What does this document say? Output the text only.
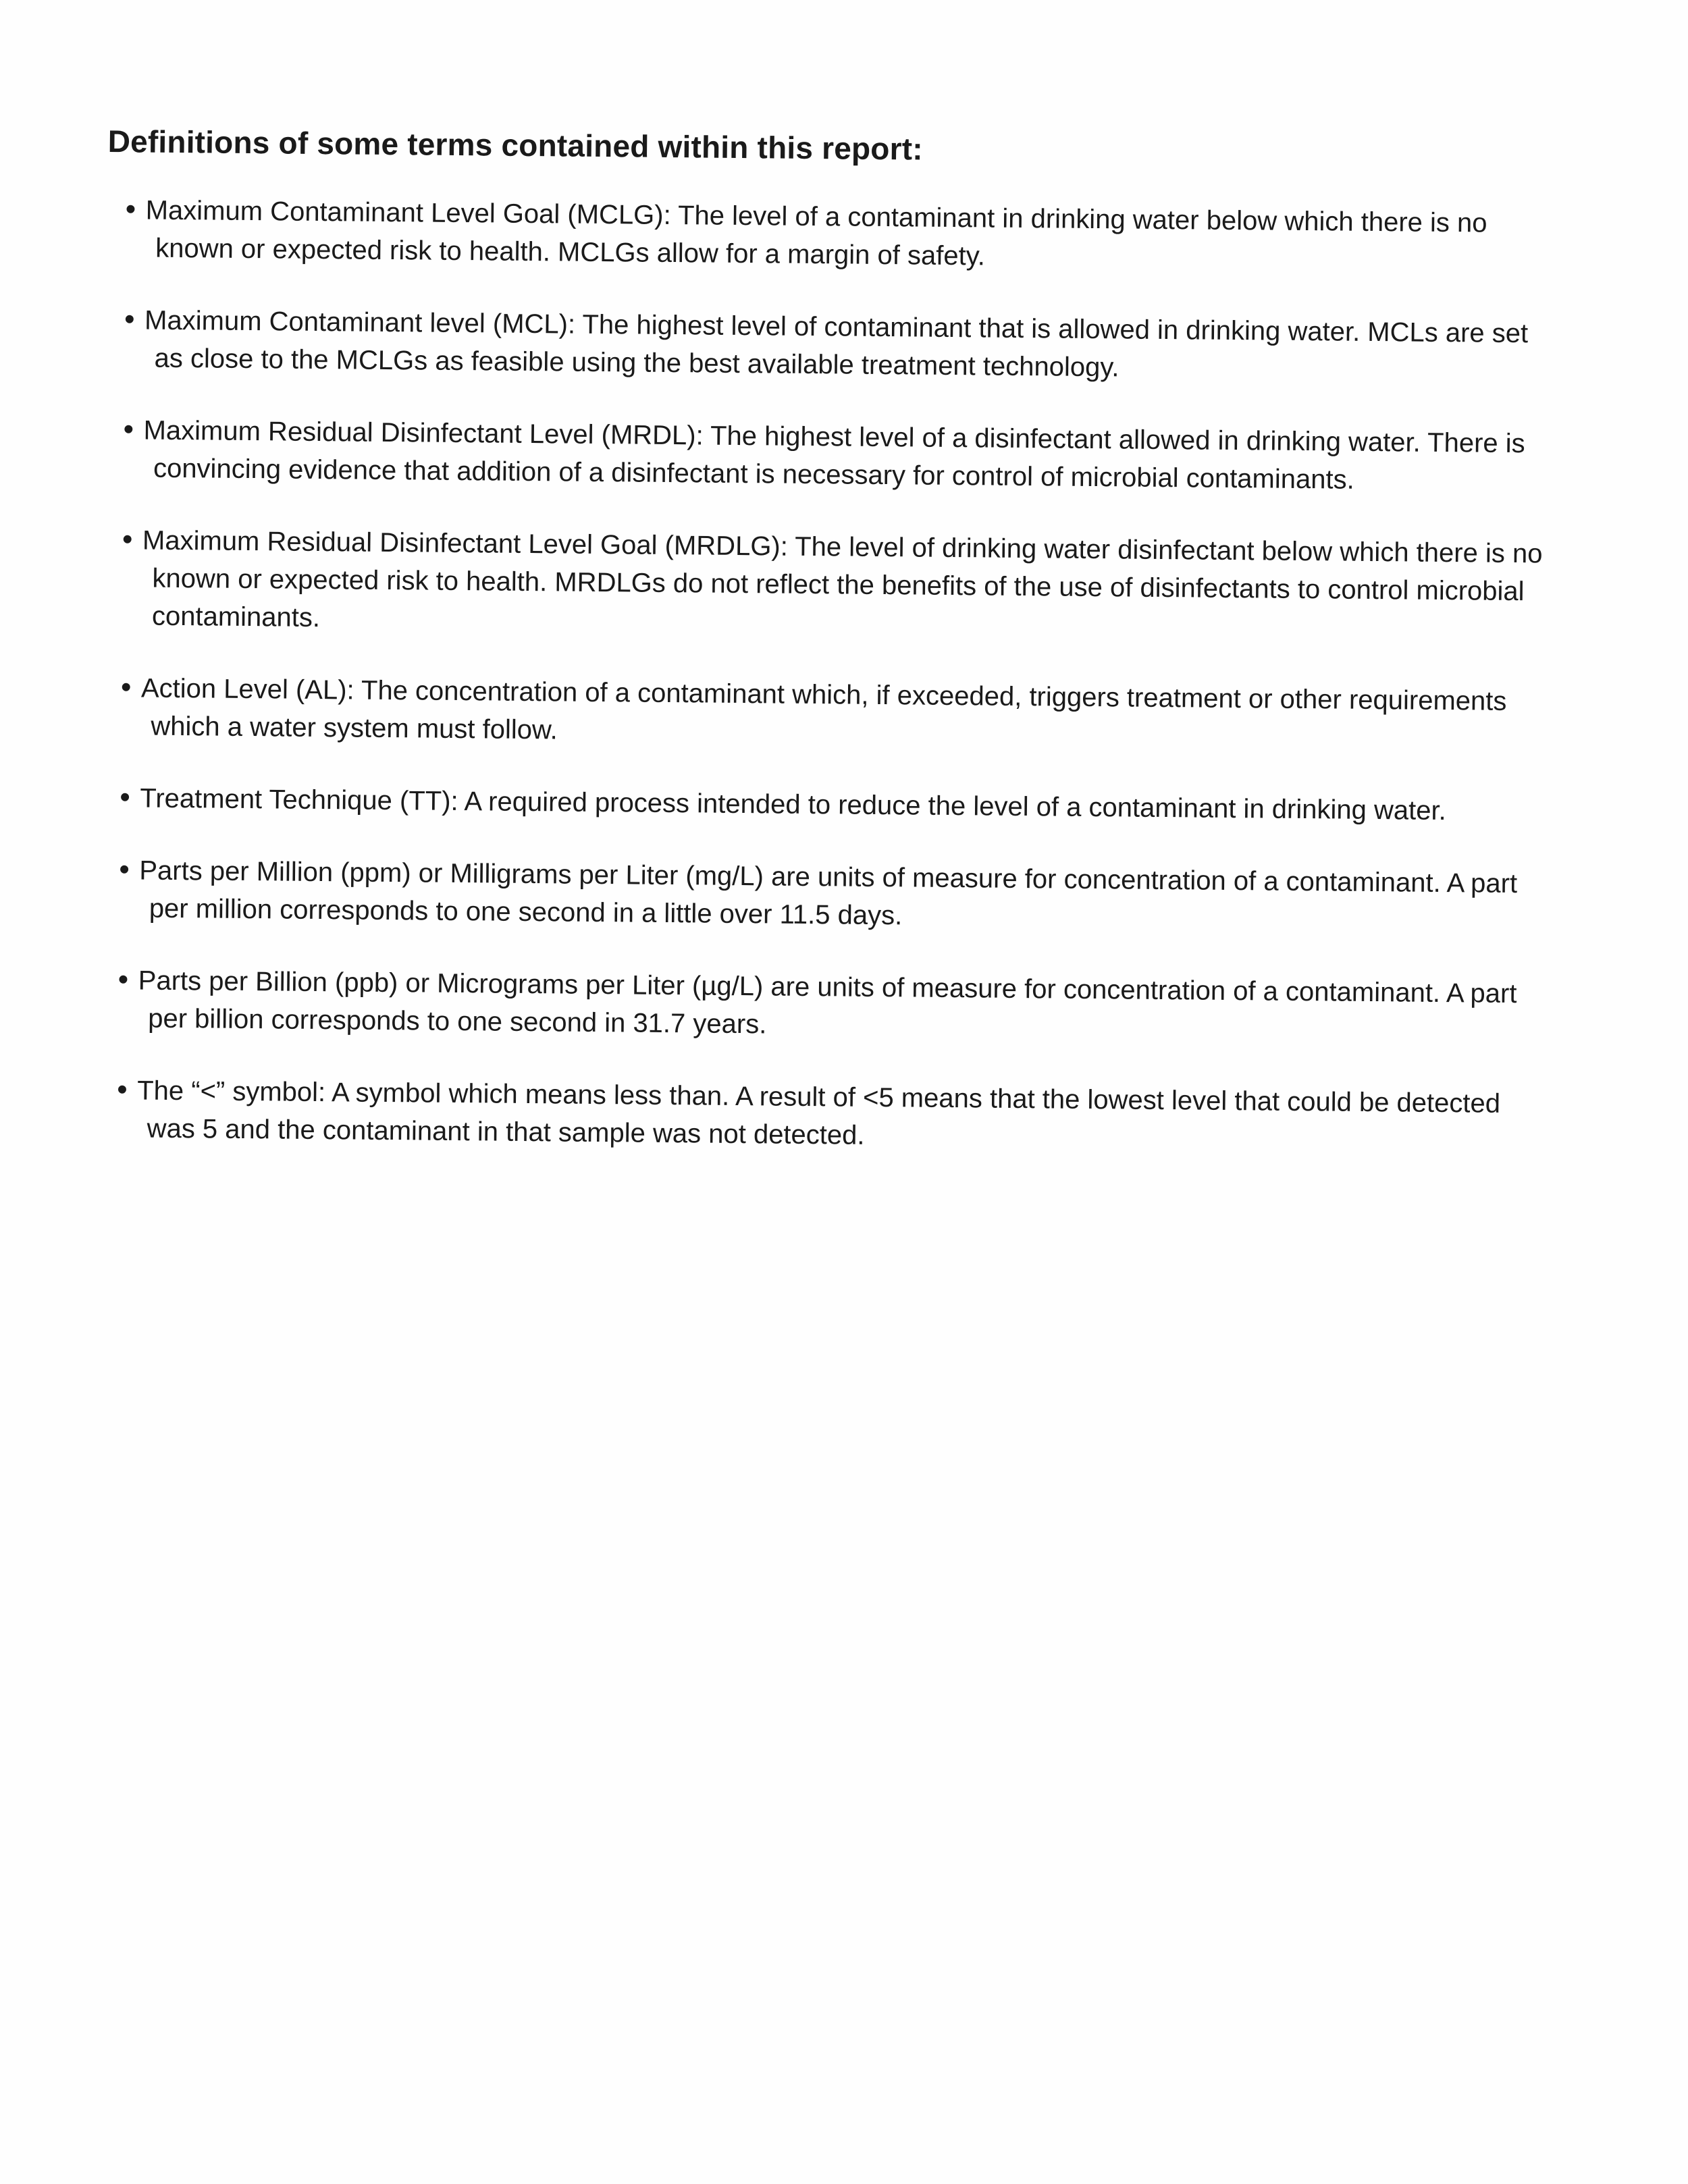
Definitions of some terms contained within this report:
• Maximum Contaminant Level Goal (MCLG): The level of a contaminant in drinking water below which there is no known or expected risk to health. MCLGs allow for a margin of safety.
• Maximum Contaminant level (MCL): The highest level of contaminant that is allowed in drinking water. MCLs are set as close to the MCLGs as feasible using the best available treatment technology.
• Maximum Residual Disinfectant Level (MRDL): The highest level of a disinfectant allowed in drinking water. There is convincing evidence that addition of a disinfectant is necessary for control of microbial contaminants.
• Maximum Residual Disinfectant Level Goal (MRDLG): The level of drinking water disinfectant below which there is no known or expected risk to health. MRDLGs do not reflect the benefits of the use of disinfectants to control microbial contaminants.
• Action Level (AL): The concentration of a contaminant which, if exceeded, triggers treatment or other requirements which a water system must follow.
• Treatment Technique (TT): A required process intended to reduce the level of a contaminant in drinking water.
• Parts per Million (ppm) or Milligrams per Liter (mg/L) are units of measure for concentration of a contaminant. A part per million corresponds to one second in a little over 11.5 days.
• Parts per Billion (ppb) or Micrograms per Liter (µg/L) are units of measure for concentration of a contaminant. A part per billion corresponds to one second in 31.7 years.
• The “<” symbol: A symbol which means less than. A result of <5 means that the lowest level that could be detected was 5 and the contaminant in that sample was not detected.
